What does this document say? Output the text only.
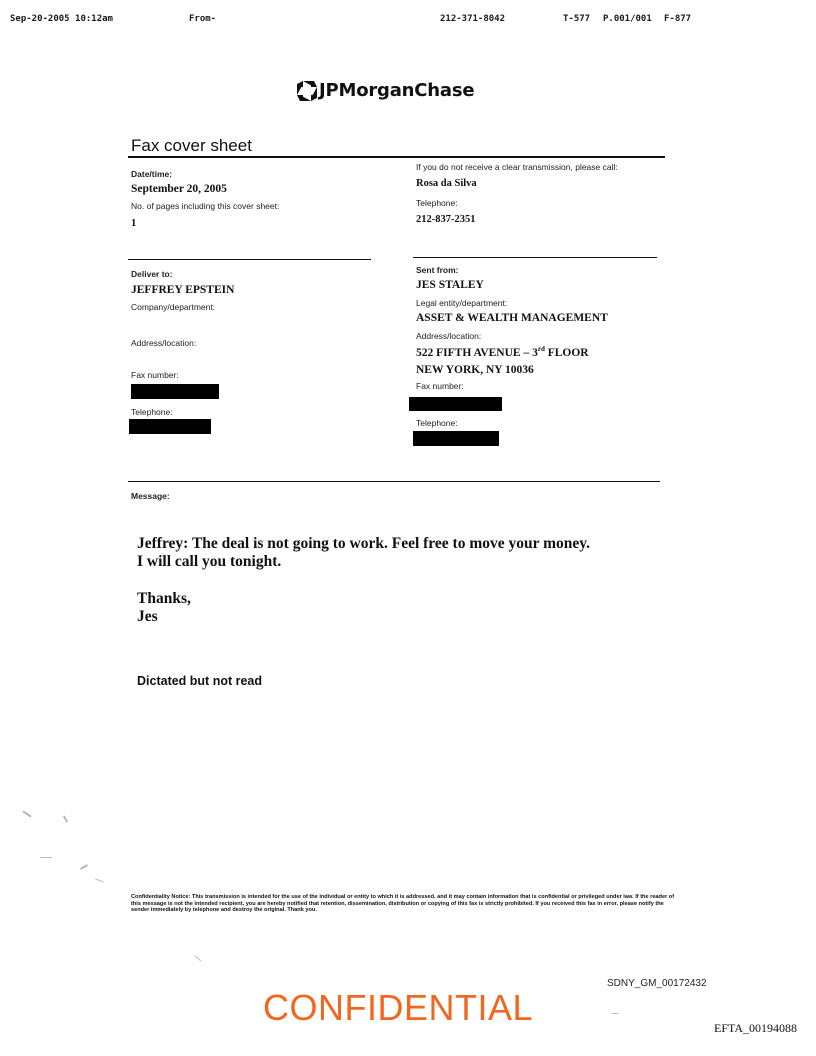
Sep-20-2005 10:12am	From-	212-371-8042	T-577 P.001/001 F-877
JPMorganChase
Fax cover sheet
Date/time:
September 20, 2005
No. of pages including this cover sheet:
1
Deliver to:
JEFFREY EPSTEIN
Company/department:
Address/location:
Fax number:
Telephone:
If you do not receive a clear transmission, please call:
Rosa da Silva
Telephone:
212-837-2351
Sent from:
JES STALEY
Legal entity/department:
ASSET & WEALTH MANAGEMENT
Address/location:
522 FIFTH AVENUE – 3rd FLOOR
NEW YORK, NY 10036
Fax number:
Telephone:
Message:
Jeffrey: The deal is not going to work. Feel free to move your money.
I will call you tonight.
Thanks,
Jes
Dictated but not read
Confidentiality Notice: This transmission is intended for the use of the individual or entity to which it is addressed, and it may contain information that is confidential or privileged under law. If the reader of this message is not the intended recipient, you are hereby notified that retention, dissemination, distribution or copying of this fax is strictly prohibited. If you received this fax in error, please notify the sender immediately by telephone and destroy the original. Thank you.
SDNY_GM_00172432
CONFIDENTIAL	EFTA_00194088
